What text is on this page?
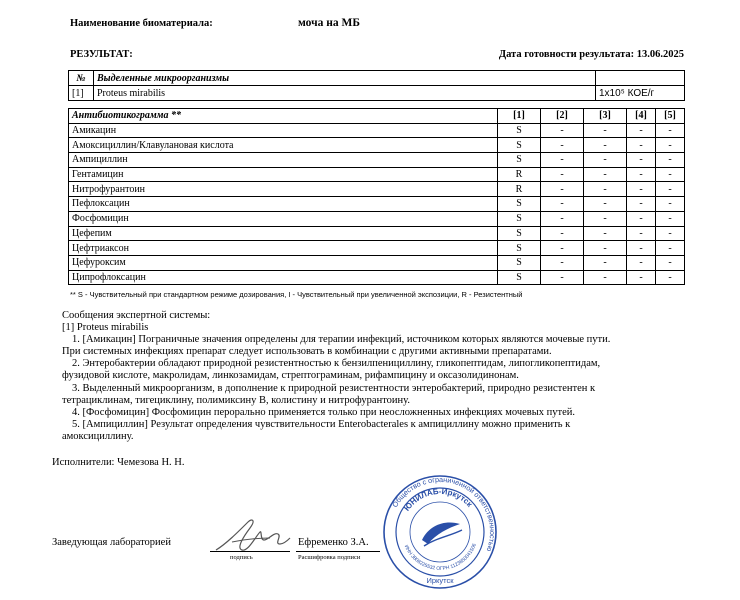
Наименование биоматериала:	моча на МБ
РЕЗУЛЬТАТ:	Дата готовности результата: 13.06.2025
№	Выделенные микроорганизмы	
[1]	Proteus mirabilis	1x10⁵ КОЕ/г
Антибиотикограмма **	[1]	[2]	[3]	[4]	[5]
Амикацин	S	-	-	-	-
Амоксициллин/Клавулановая кислота	S	-	-	-	-
Ампициллин	S	-	-	-	-
Гентамицин	R	-	-	-	-
Нитрофурантоин	R	-	-	-	-
Пефлоксацин	S	-	-	-	-
Фосфомицин	S	-	-	-	-
Цефепим	S	-	-	-	-
Цефтриаксон	S	-	-	-	-
Цефуроксим	S	-	-	-	-
Ципрофлоксацин	S	-	-	-	-
** S - Чувствительный при стандартном режиме дозирования, I - Чувствительный при увеличенной экспозиции, R - Резистентный

Сообщения экспертной системы:

[1] Proteus mirabilis

1. [Амикацин] Пограничные значения определены для терапии инфекций, источником которых являются мочевые пути.

При системных инфекциях препарат следует использовать в комбинации с другими активными препаратами.

2. Энтеробактерии обладают природной резистентностью к бензилпенициллину, гликопептидам, липогликопептидам,

фузидовой кислоте, макролидам, линкозамидам, стрептограминам, рифампицину и оксазолидинонам.

3. Выделенный микроорганизм, в дополнение к природной резистентности энтеробактерий, природно резистентен к

тетрациклинам, тигециклину, полимиксину В, колистину и нитрофурантоину.

4. [Фосфомицин] Фосфомицин перорально применяется только при неосложненных инфекциях мочевых путей.

5. [Ампициллин] Результат определения чувствительности Enterobacterales к ампициллину можно применить к

амоксициллину.

Исполнители: Чемезова Н. Н.
Заведующая лабораторией
подпись
Ефременко З.А.
Расшифровка подписи
Общество с ограниченной ответственностью
ЮНИЛАБ-Иркутск
ИНН 3808225532 ОГРН 1123850041506
Иркутск
